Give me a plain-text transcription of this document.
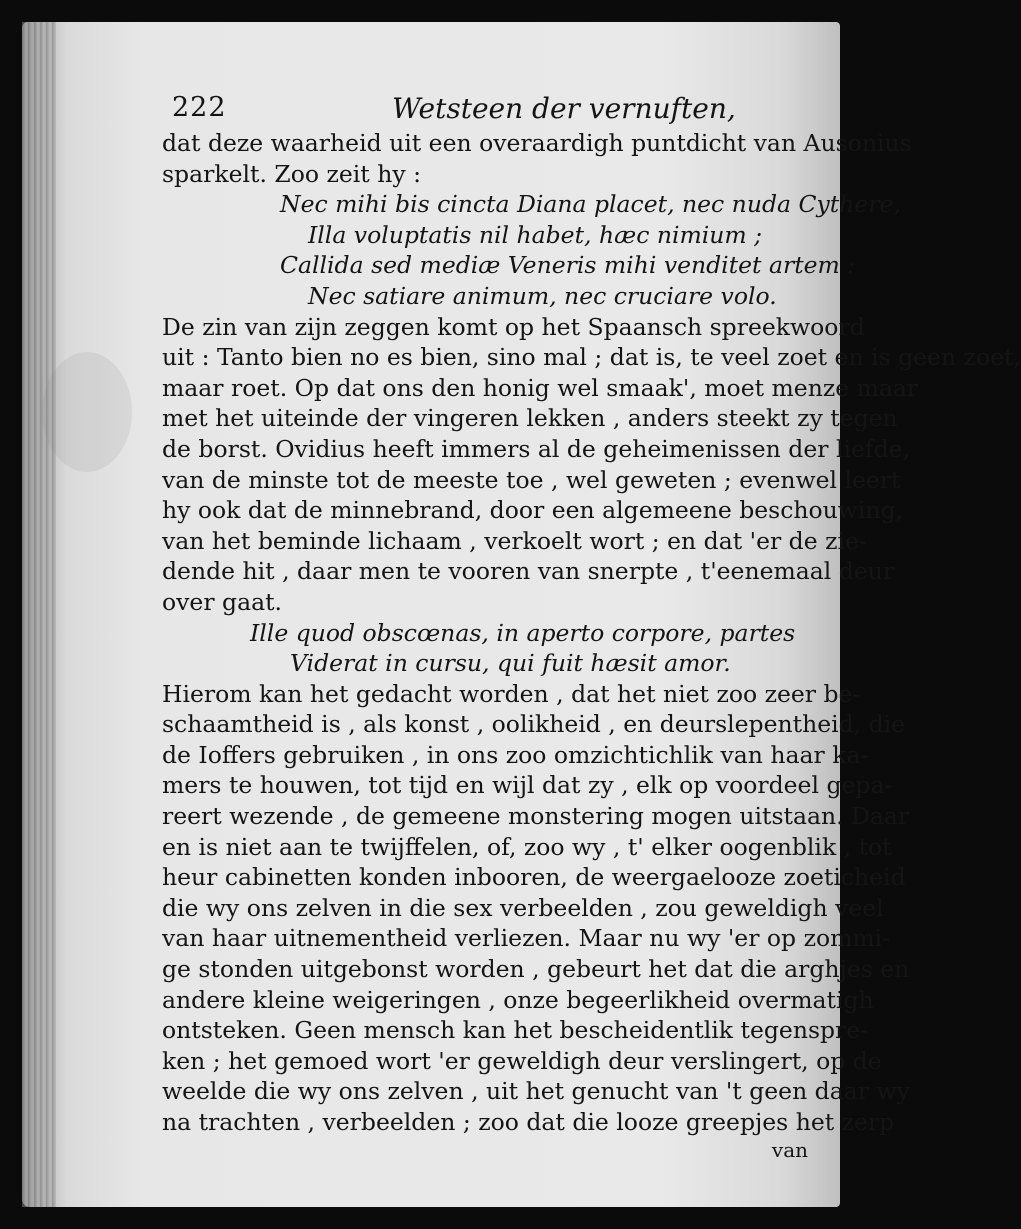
222	Wetsteen der vernuften,
dat deze waarheid uit een overaardigh puntdicht van Ausonius
sparkelt. Zoo zeit hy :
Nec mihi bis cincta Diana placet, nec nuda Cythere,
Illa voluptatis nil habet, hæc nimium ;
Callida sed mediæ Veneris mihi venditet artem :
Nec satiare animum, nec cruciare volo.
De zin van zijn zeggen komt op het Spaansch spreekwoord
uit : Tanto bien no es bien, sino mal ; dat is, te veel zoet en is geen zoet,
maar roet. Op dat ons den honig wel smaak', moet menze maar
met het uiteinde der vingeren lekken , anders steekt zy tegen
de borst. Ovidius heeft immers al de geheimenissen der liefde,
van de minste tot de meeste toe , wel geweten ; evenwel leert
hy ook dat de minnebrand, door een algemeene beschouwing,
van het beminde lichaam , verkoelt wort ; en dat 'er de zie-
dende hit , daar men te vooren van snerpte , t'eenemaal deur
over gaat.
Ille quod obscœnas, in aperto corpore, partes
Viderat in cursu, qui fuit hæsit amor.
Hierom kan het gedacht worden , dat het niet zoo zeer be-
schaamtheid is , als konst , oolikheid , en deurslepentheid, die
de Ioffers gebruiken , in ons zoo omzichtichlik van haar ka-
mers te houwen, tot tijd en wijl dat zy , elk op voordeel gepa-
reert wezende , de gemeene monstering mogen uitstaan. Daar
en is niet aan te twijffelen, of, zoo wy , t' elker oogenblik , tot
heur cabinetten konden inbooren, de weergaelooze zoeticheid
die wy ons zelven in die sex verbeelden , zou geweldigh veel
van haar uitnementheid verliezen. Maar nu wy 'er op zommi-
ge stonden uitgebonst worden , gebeurt het dat die arghjes en
andere kleine weigeringen , onze begeerlikheid overmatigh
ontsteken. Geen mensch kan het bescheidentlik tegenspre-
ken ; het gemoed wort 'er geweldigh deur verslingert, op de
weelde die wy ons zelven , uit het genucht van 't geen daar wy
na trachten , verbeelden ; zoo dat die looze greepjes het zerp
van
